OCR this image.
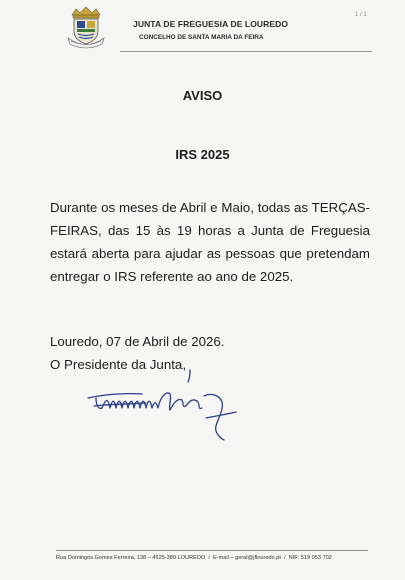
JUNTA DE FREGUESIA DE LOUREDO
CONCELHO DE SANTA MARIA DA FEIRA
1 / 1
AVISO
IRS 2025
Durante os meses de Abril e Maio, todas as TERÇAS-FEIRAS, das 15 às 19 horas a Junta de Freguesia estará aberta para ajudar as pessoas que pretendam entregar o IRS referente ao ano de 2025.
Louredo, 07 de Abril de 2026.
O Presidente da Junta,
Rua Domingos Gomes Ferreira, 138 – 4525-380 LOUREDO / E-mail – geral@jflouredo.pt / NIF: 519 053 702
